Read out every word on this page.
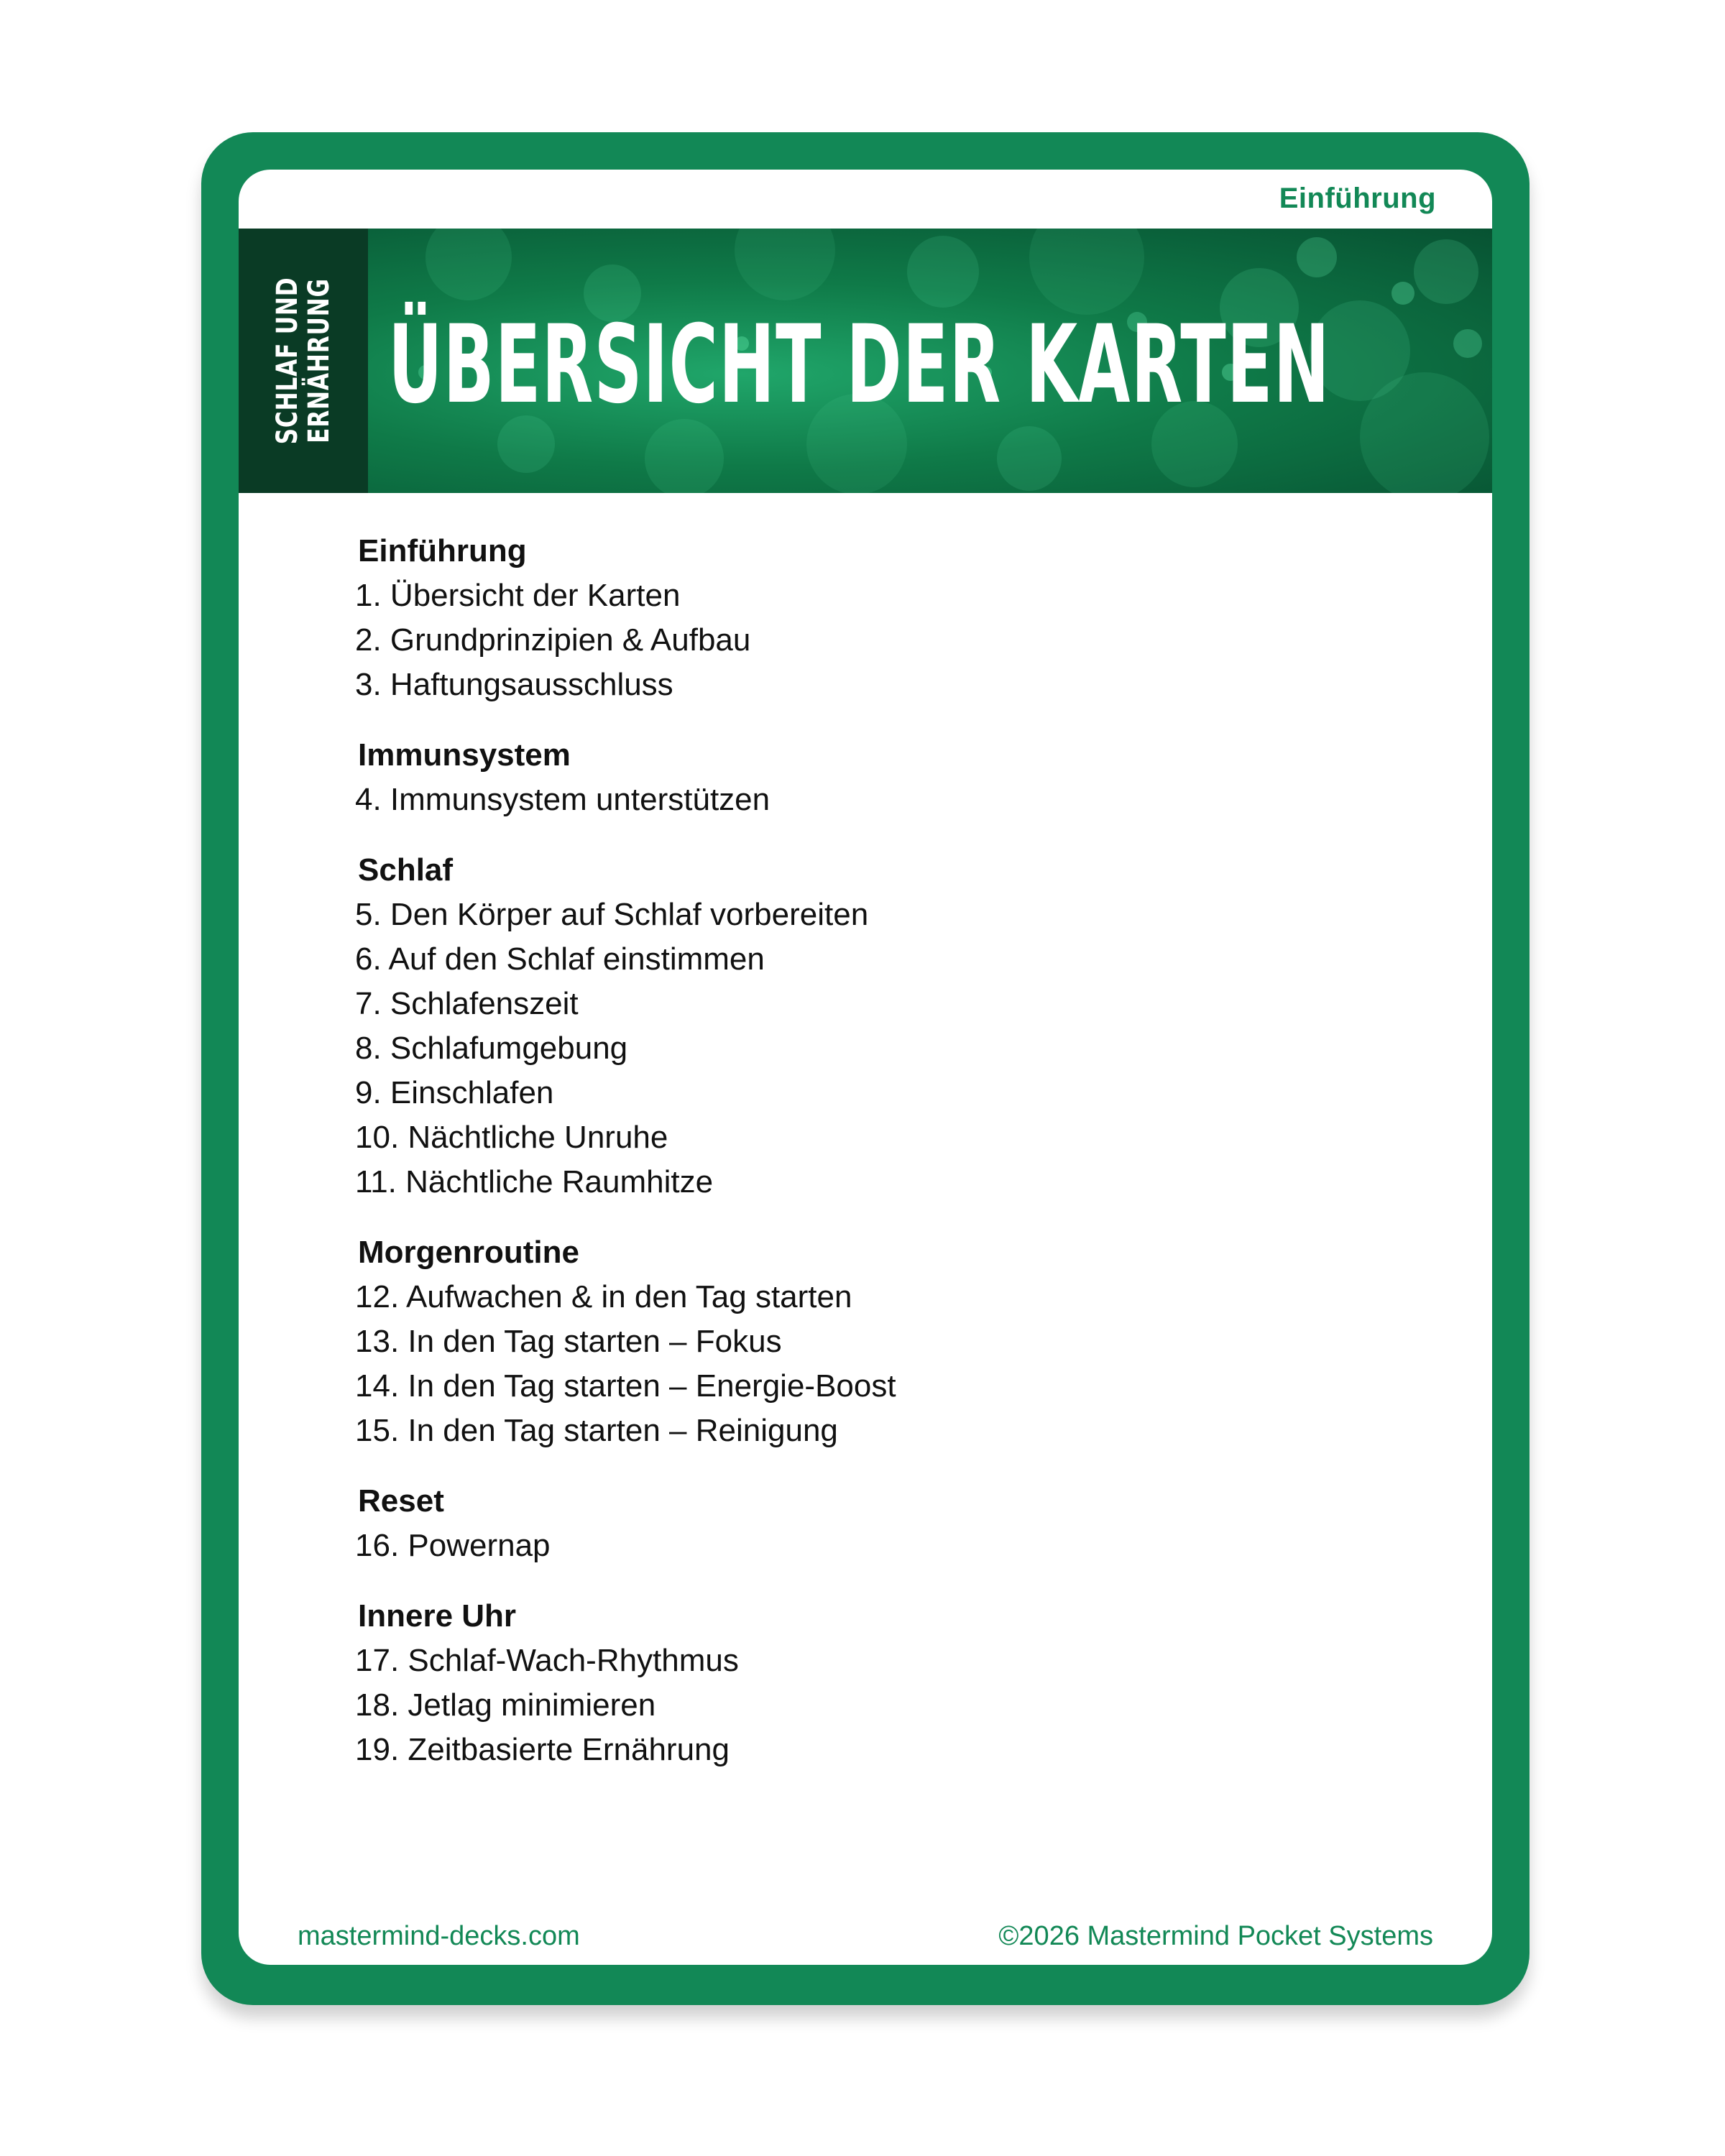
Einführung
SCHLAF UND
ERNÄHRUNG ÜBERSICHT DER KARTEN
Einführung
1. Übersicht der Karten
2. Grundprinzipien & Aufbau
3. Haftungsausschluss
Immunsystem
4. Immunsystem unterstützen
Schlaf
5. Den Körper auf Schlaf vorbereiten
6. Auf den Schlaf einstimmen
7. Schlafenszeit
8. Schlafumgebung
9. Einschlafen
10. Nächtliche Unruhe
11. Nächtliche Raumhitze
Morgenroutine
12. Aufwachen & in den Tag starten
13. In den Tag starten – Fokus
14. In den Tag starten – Energie-Boost
15. In den Tag starten – Reinigung
Reset
16. Powernap
Innere Uhr
17. Schlaf-Wach-Rhythmus
18. Jetlag minimieren
19. Zeitbasierte Ernährung
mastermind-decks.com	©2026 Mastermind Pocket Systems
